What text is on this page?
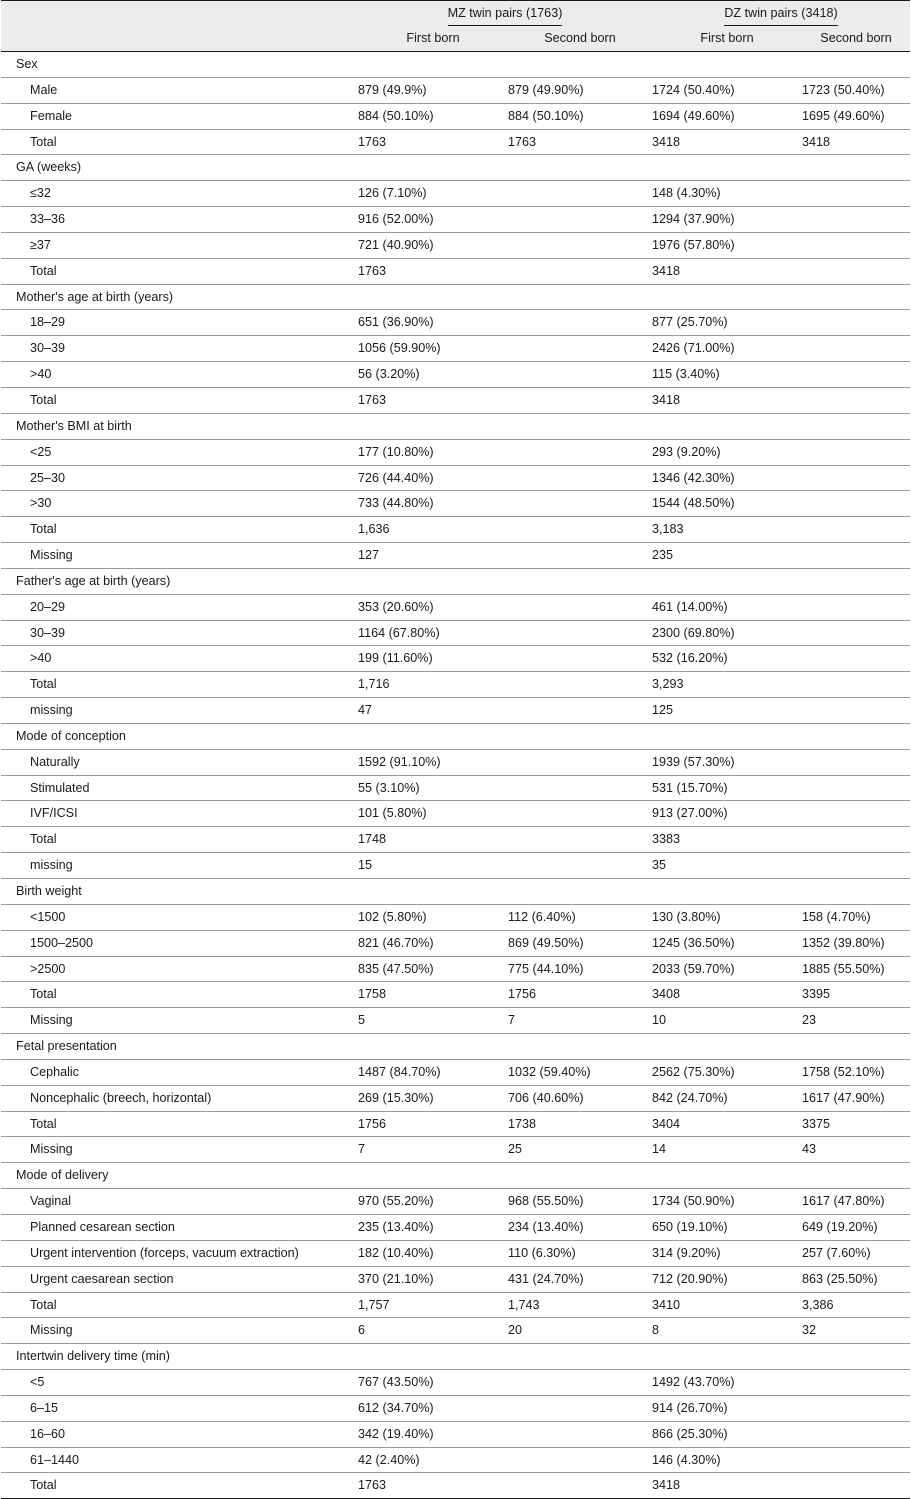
	MZ twin pairs (1763)		DZ twin pairs (3418)	
	First born	Second born	First born	Second born
Sex				
Male	879 (49.9%)	879 (49.90%)	1724 (50.40%)	1723 (50.40%)
Female	884 (50.10%)	884 (50.10%)	1694 (49.60%)	1695 (49.60%)
Total	1763	1763	3418	3418
GA (weeks)				
≤32	126 (7.10%)		148 (4.30%)	
33–36	916 (52.00%)		1294 (37.90%)	
≥37	721 (40.90%)		1976 (57.80%)	
Total	1763		3418	
Mother's age at birth (years)				
18–29	651 (36.90%)		877 (25.70%)	
30–39	1056 (59.90%)		2426 (71.00%)	
>40	56 (3.20%)		115 (3.40%)	
Total	1763		3418	
Mother's BMI at birth				
<25	177 (10.80%)		293 (9.20%)	
25–30	726 (44.40%)		1346 (42.30%)	
>30	733 (44.80%)		1544 (48.50%)	
Total	1,636		3,183	
Missing	127		235	
Father's age at birth (years)				
20–29	353 (20.60%)		461 (14.00%)	
30–39	1164 (67.80%)		2300 (69.80%)	
>40	199 (11.60%)		532 (16.20%)	
Total	1,716		3,293	
missing	47		125	
Mode of conception				
Naturally	1592 (91.10%)		1939 (57.30%)	
Stimulated	55 (3.10%)		531 (15.70%)	
IVF/ICSI	101 (5.80%)		913 (27.00%)	
Total	1748		3383	
missing	15		35	
Birth weight				
<1500	102 (5.80%)	112 (6.40%)	130 (3.80%)	158 (4.70%)
1500–2500	821 (46.70%)	869 (49.50%)	1245 (36.50%)	1352 (39.80%)
>2500	835 (47.50%)	775 (44.10%)	2033 (59.70%)	1885 (55.50%)
Total	1758	1756	3408	3395
Missing	5	7	10	23
Fetal presentation				
Cephalic	1487 (84.70%)	1032 (59.40%)	2562 (75.30%)	1758 (52.10%)
Noncephalic (breech, horizontal)	269 (15.30%)	706 (40.60%)	842 (24.70%)	1617 (47.90%)
Total	1756	1738	3404	3375
Missing	7	25	14	43
Mode of delivery				
Vaginal	970 (55.20%)	968 (55.50%)	1734 (50.90%)	1617 (47.80%)
Planned cesarean section	235 (13.40%)	234 (13.40%)	650 (19.10%)	649 (19.20%)
Urgent intervention (forceps, vacuum extraction)	182 (10.40%)	110 (6.30%)	314 (9.20%)	257 (7.60%)
Urgent caesarean section	370 (21.10%)	431 (24.70%)	712 (20.90%)	863 (25.50%)
Total	1,757	1,743	3410	3,386
Missing	6	20	8	32
Intertwin delivery time (min)				
<5	767 (43.50%)		1492 (43.70%)	
6–15	612 (34.70%)		914 (26.70%)	
16–60	342 (19.40%)		866 (25.30%)	
61–1440	42 (2.40%)		146 (4.30%)	
Total	1763		3418	
